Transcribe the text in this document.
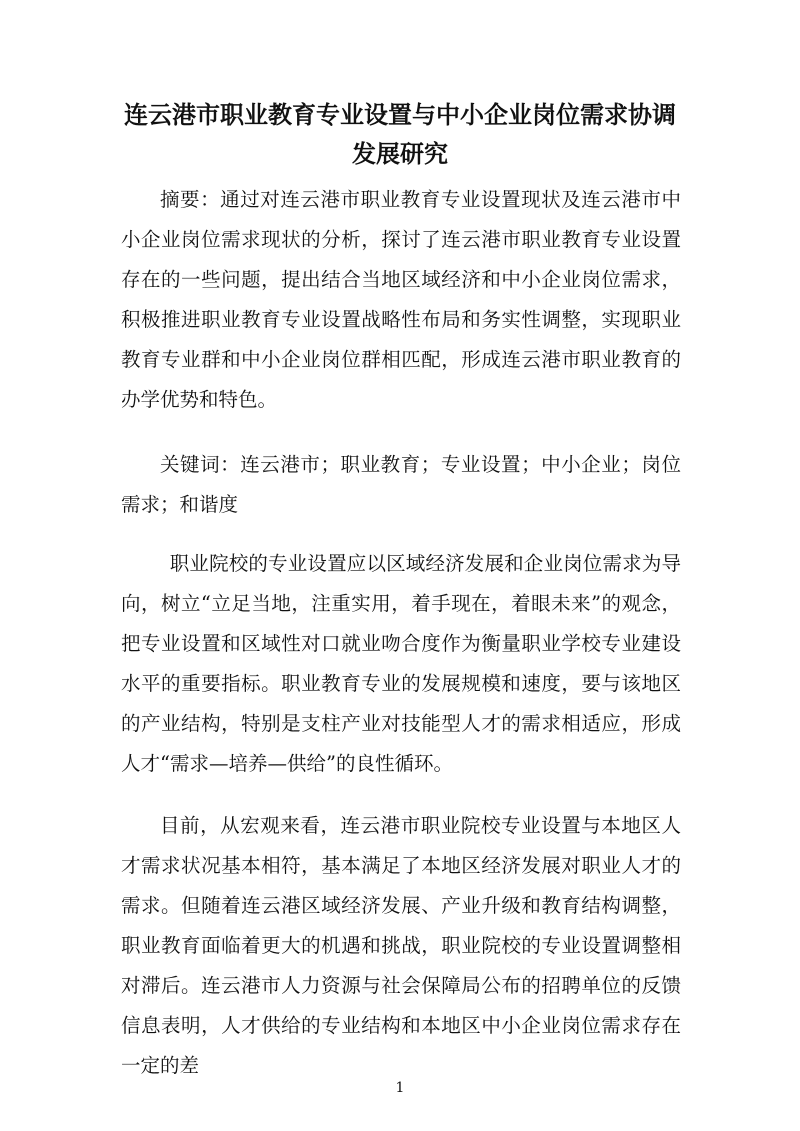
连云港市职业教育专业设置与中小企业岗位需求协调发展研究

摘要：通过对连云港市职业教育专业设置现状及连云港市中小企业岗位需求现状的分析，探讨了连云港市职业教育专业设置存在的一些问题，提出结合当地区域经济和中小企业岗位需求，积极推进职业教育专业设置战略性布局和务实性调整，实现职业教育专业群和中小企业岗位群相匹配，形成连云港市职业教育的办学优势和特色。

关键词：连云港市；职业教育；专业设置；中小企业；岗位需求；和谐度

职业院校的专业设置应以区域经济发展和企业岗位需求为导向，树立“立足当地，注重实用，着手现在，着眼未来”的观念，把专业设置和区域性对口就业吻合度作为衡量职业学校专业建设水平的重要指标。职业教育专业的发展规模和速度，要与该地区的产业结构，特别是支柱产业对技能型人才的需求相适应，形成人才“需求—培养—供给”的良性循环。

目前，从宏观来看，连云港市职业院校专业设置与本地区人才需求状况基本相符，基本满足了本地区经济发展对职业人才的需求。但随着连云港区域经济发展、产业升级和教育结构调整，职业教育面临着更大的机遇和挑战，职业院校的专业设置调整相对滞后。连云港市人力资源与社会保障局公布的招聘单位的反馈信息表明，人才供给的专业结构和本地区中小企业岗位需求存在一定的差

1
